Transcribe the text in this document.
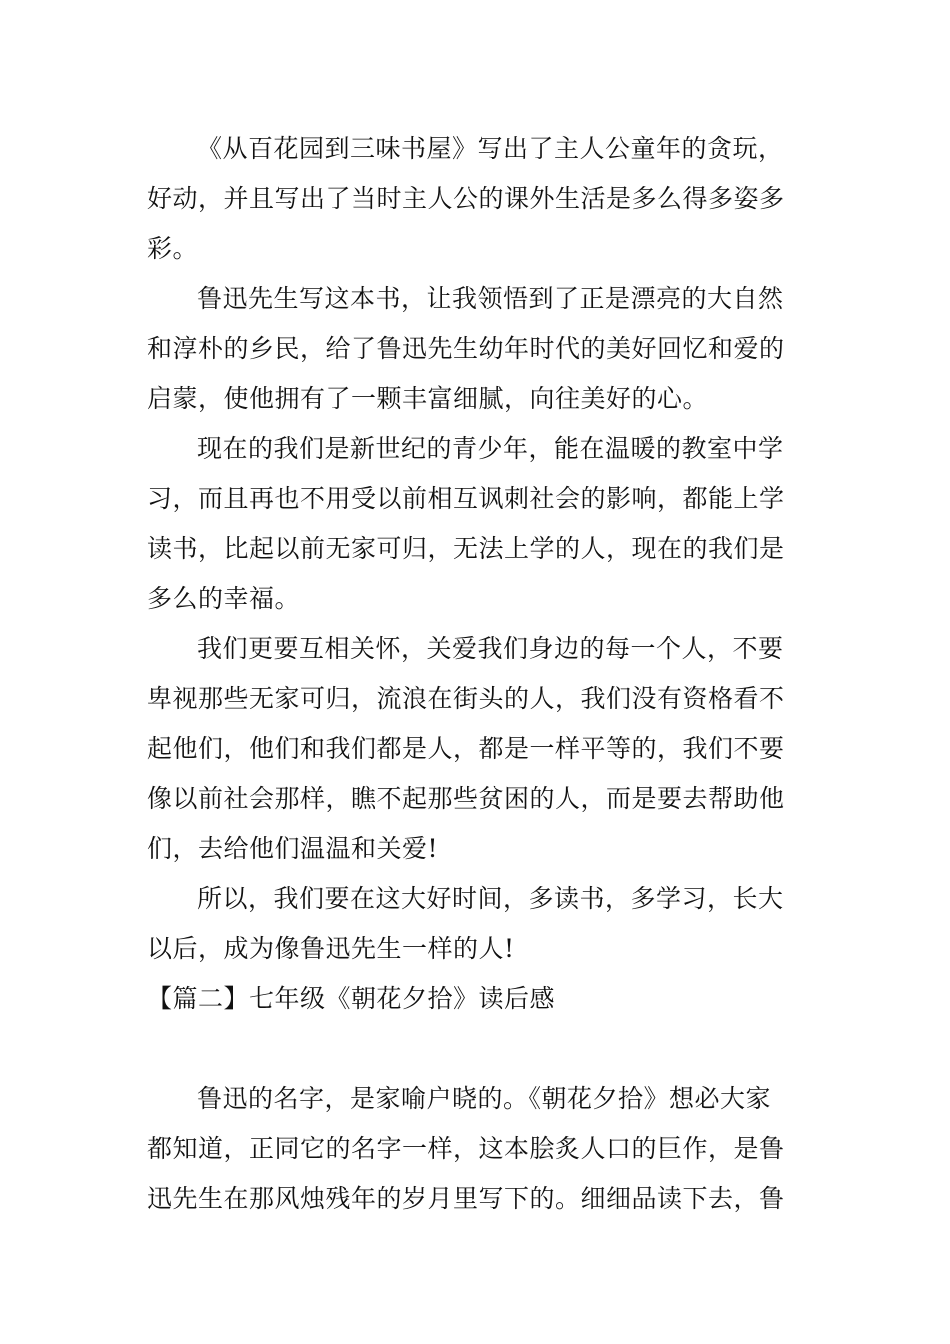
《从百花园到三味书屋》写出了主人公童年的贪玩，
好动，并且写出了当时主人公的课外生活是多么得多姿多
彩。
鲁迅先生写这本书，让我领悟到了正是漂亮的大自然
和淳朴的乡民，给了鲁迅先生幼年时代的美好回忆和爱的
启蒙，使他拥有了一颗丰富细腻，向往美好的心。
现在的我们是新世纪的青少年，能在温暖的教室中学
习，而且再也不用受以前相互讽刺社会的影响，都能上学
读书，比起以前无家可归，无法上学的人，现在的我们是
多么的幸福。
我们更要互相关怀，关爱我们身边的每一个人，不要
卑视那些无家可归，流浪在街头的人，我们没有资格看不
起他们，他们和我们都是人，都是一样平等的，我们不要
像以前社会那样，瞧不起那些贫困的人，而是要去帮助他
们，去给他们温温和关爱!
所以，我们要在这大好时间，多读书，多学习，长大
以后，成为像鲁迅先生一样的人!
【篇二】七年级《朝花夕拾》读后感
鲁迅的名字，是家喻户晓的。《朝花夕拾》想必大家
都知道，正同它的名字一样，这本脍炙人口的巨作，是鲁
迅先生在那风烛残年的岁月里写下的。细细品读下去，鲁
